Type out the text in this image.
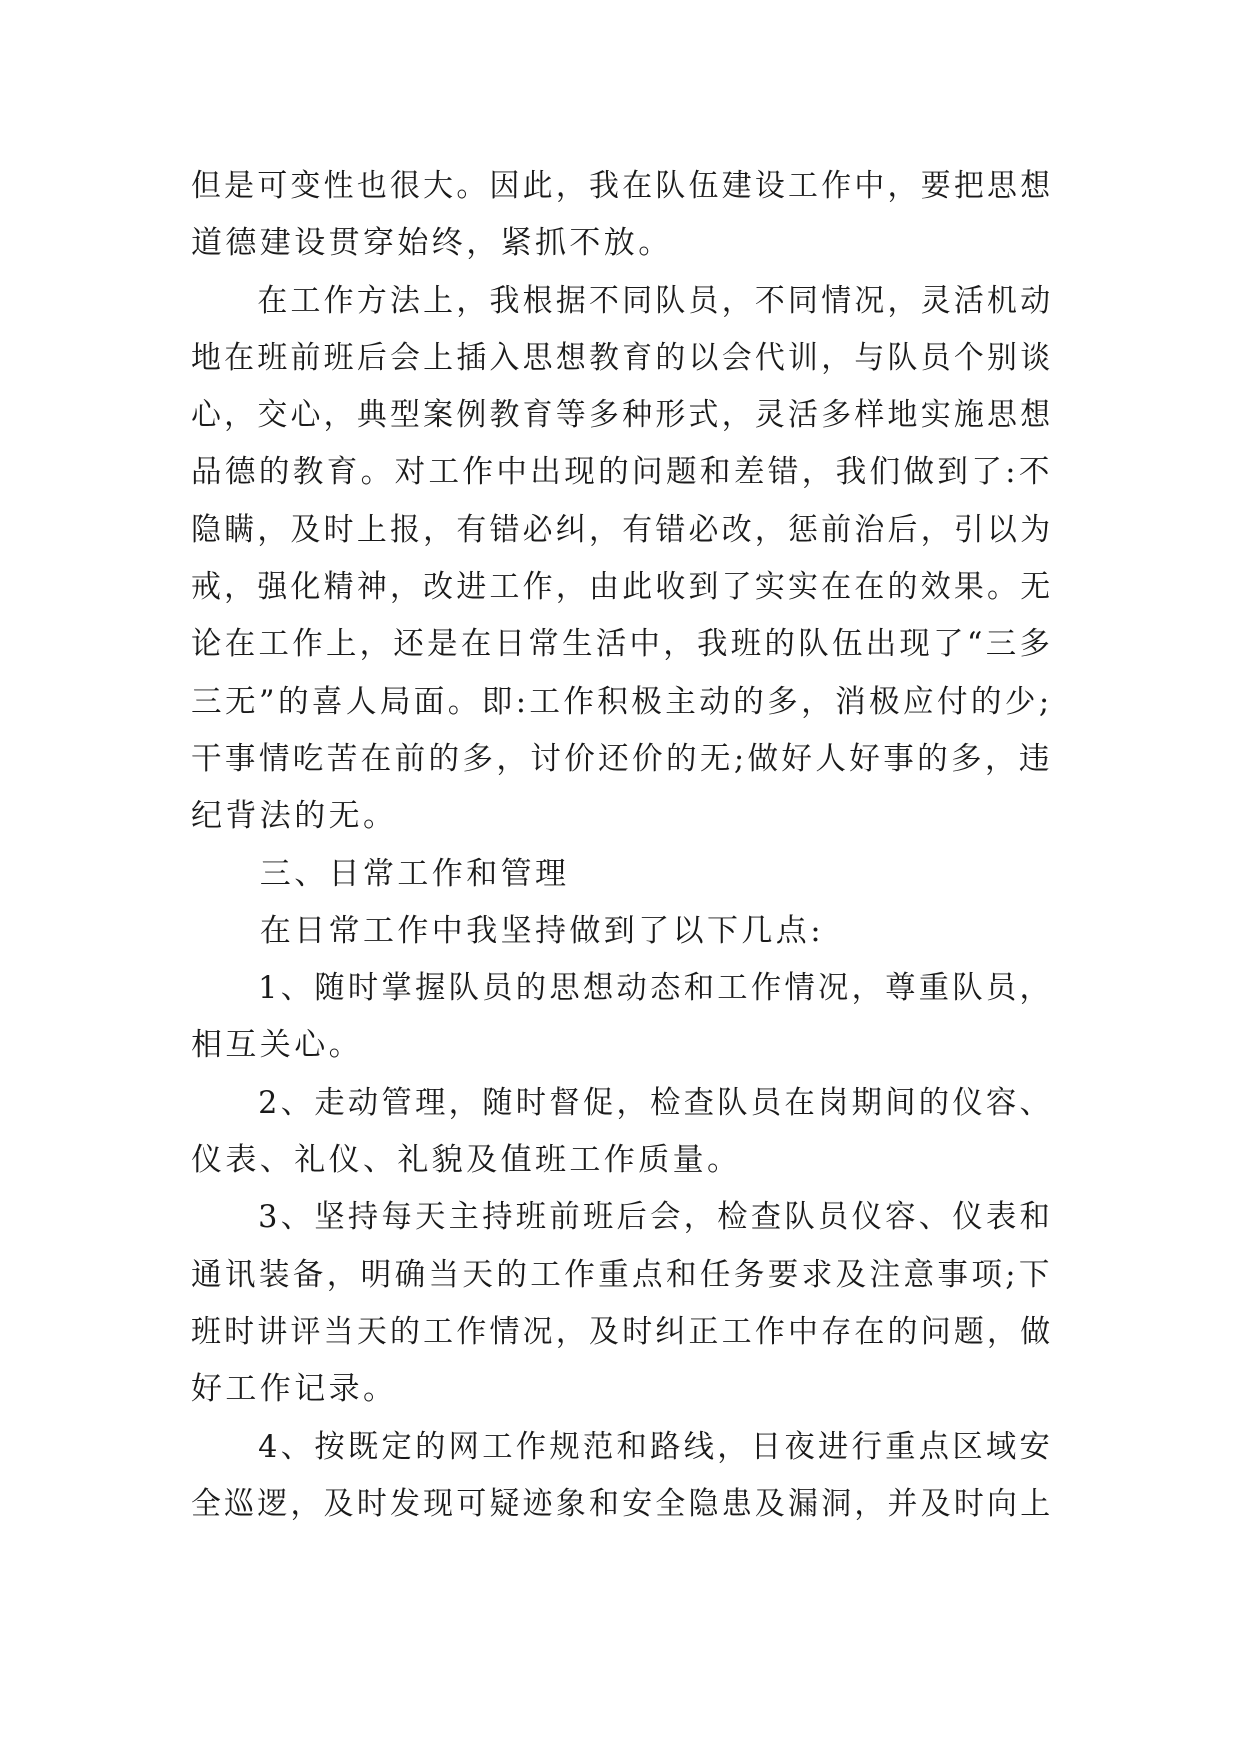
但是可变性也很大。因此，我在队伍建设工作中，要把思想
道德建设贯穿始终，紧抓不放。
　　在工作方法上，我根据不同队员，不同情况，灵活机动
地在班前班后会上插入思想教育的以会代训，与队员个别谈
心，交心，典型案例教育等多种形式，灵活多样地实施思想
品德的教育。对工作中出现的问题和差错，我们做到了:不
隐瞒，及时上报，有错必纠，有错必改，惩前治后，引以为
戒，强化精神，改进工作，由此收到了实实在在的效果。无
论在工作上，还是在日常生活中，我班的队伍出现了“三多
三无”的喜人局面。即:工作积极主动的多，消极应付的少;
干事情吃苦在前的多，讨价还价的无;做好人好事的多，违
纪背法的无。
　　三、日常工作和管理
　　在日常工作中我坚持做到了以下几点:
　　1、随时掌握队员的思想动态和工作情况，尊重队员，
相互关心。
　　2、走动管理，随时督促，检查队员在岗期间的仪容、
仪表、礼仪、礼貌及值班工作质量。
　　3、坚持每天主持班前班后会，检查队员仪容、仪表和
通讯装备，明确当天的工作重点和任务要求及注意事项;下
班时讲评当天的工作情况，及时纠正工作中存在的问题，做
好工作记录。
　　4、按既定的网工作规范和路线，日夜进行重点区域安
全巡逻，及时发现可疑迹象和安全隐患及漏洞，并及时向上
